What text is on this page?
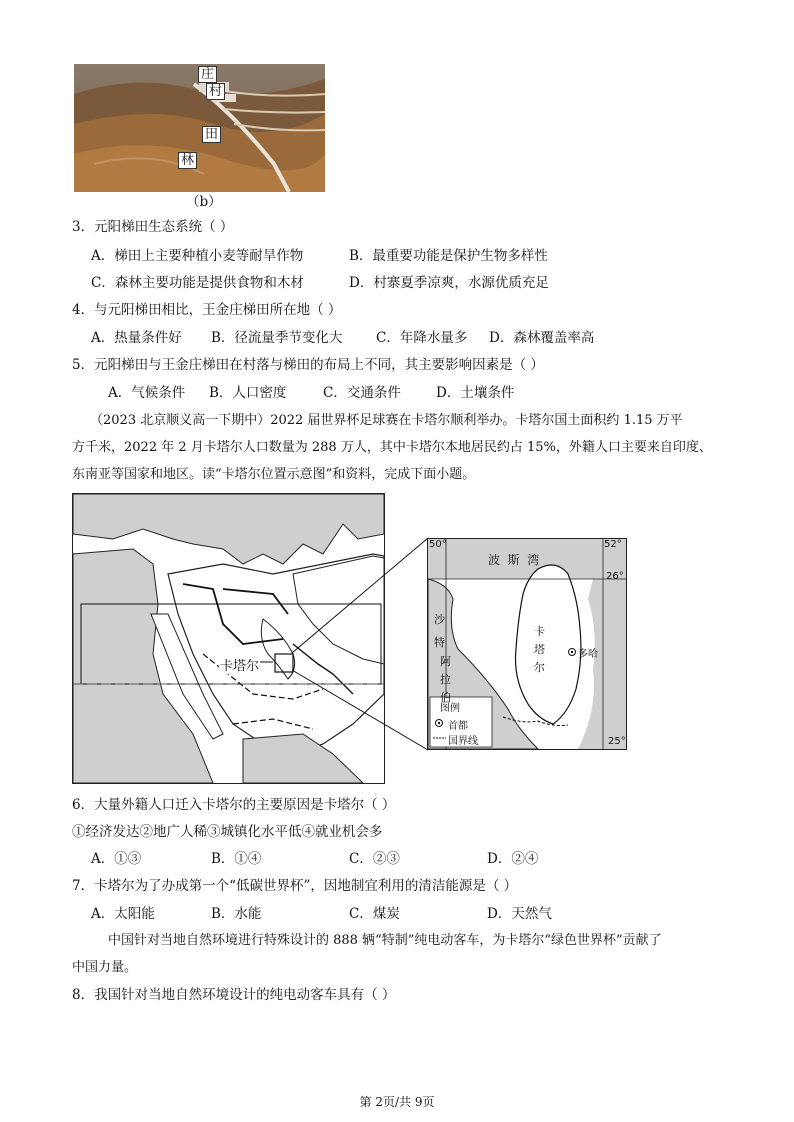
庄
村
田
林
（b）
3．元阳梯田生态系统（ ）
A．梯田上主要种植小麦等耐旱作物	B．最重要功能是保护生物多样性
C．森林主要功能是提供食物和木材	D．村寨夏季凉爽，水源优质充足
4．与元阳梯田相比，王金庄梯田所在地（ ）
A．热量条件好 B．径流量季节变化大 C．年降水量多 D．森林覆盖率高
5．元阳梯田与王金庄梯田在村落与梯田的布局上不同，其主要影响因素是（ ）
A．气候条件 B．人口密度	C．交通条件	D．土壤条件
（2023 北京顺义高一下期中）2022 届世界杯足球赛在卡塔尔顺利举办。卡塔尔国土面积约 1.15 万平
方千米，2022 年 2 月卡塔尔人口数量为 288 万人，其中卡塔尔本地居民约占 15%，外籍人口主要来自印度、
东南亚等国家和地区。读“卡塔尔位置示意图”和资料，完成下面小题。
卡塔尔
50°	52°
26°
25°
波  斯  湾
沙
特
阿
拉
伯
卡
塔
尔
多哈
图例
首都
国界线
6．大量外籍人口迁入卡塔尔的主要原因是卡塔尔（ ）
①经济发达②地广人稀③城镇化水平低④就业机会多
A．①③	B．①④	C．②③	D．②④
7．卡塔尔为了办成第一个“低碳世界杯”，因地制宜利用的清洁能源是（ ）
A．太阳能	B．水能	C．煤炭	D．天然气
中国针对当地自然环境进行特殊设计的 888 辆“特制”纯电动客车，为卡塔尔“绿色世界杯”贡献了
中国力量。
8．我国针对当地自然环境设计的纯电动客车具有（ ）
第 2页/共 9页
